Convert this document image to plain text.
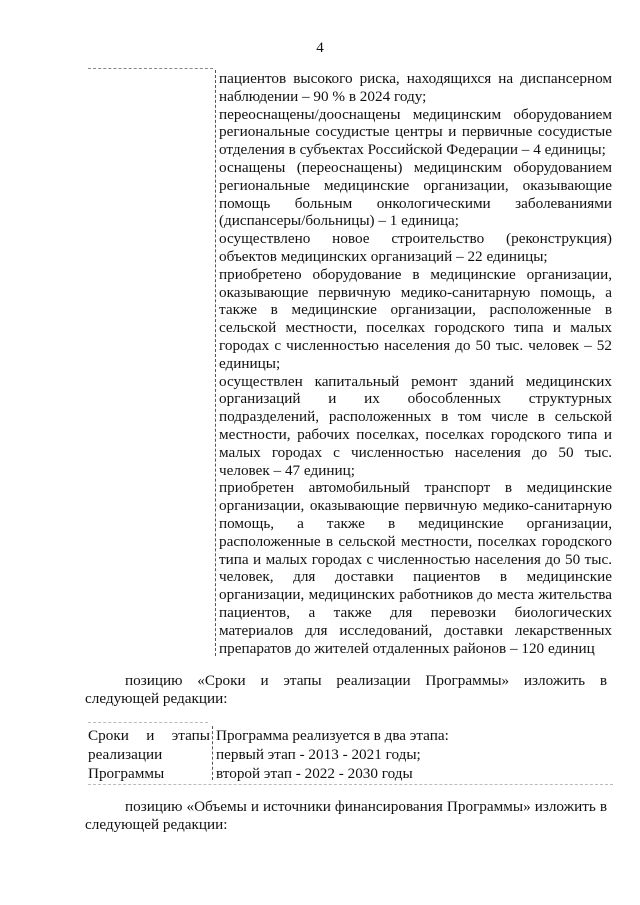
4

пациентов высокого риска, находящихся на диспансерном наблюдении – 90 % в 2024 году;

переоснащены/дооснащены медицинским оборудованием региональные сосудистые центры и первичные сосудистые отделения в субъектах Российской Федерации – 4 единицы;

оснащены (переоснащены) медицинским оборудованием региональные медицинские организации, оказывающие помощь больным онкологическими заболеваниями (диспансеры/больницы) – 1 единица;

осуществлено новое строительство (реконструкция) объектов медицинских организаций – 22 единицы;

приобретено оборудование в медицинские организации, оказывающие первичную медико-санитарную помощь, а также в медицинские организации, расположенные в сельской местности, поселках городского типа и малых городах с численностью населения до 50 тыс. человек – 52 единицы;

осуществлен капитальный ремонт зданий медицинских организаций и их обособленных структурных подразделений, расположенных в том числе в сельской местности, рабочих поселках, поселках городского типа и малых городах с численностью населения до 50 тыс. человек – 47 единиц;

приобретен автомобильный транспорт в медицинские организации, оказывающие первичную медико-санитарную помощь, а также в медицинские организации, расположенные в сельской местности, поселках городского типа и малых городах с численностью населения до 50 тыс. человек, для доставки пациентов в медицинские организации, медицинских работников до места жительства пациентов, а также для перевозки биологических материалов для исследований, доставки лекарственных препаратов до жителей отдаленных районов – 120 единиц

позицию «Сроки и этапы реализации Программы» изложить в следующей редакции:
Сроки и этапы
реализации
Программы
Программа реализуется в два этапа:
первый этап - 2013 - 2021 годы;
второй этап - 2022 - 2030 годы
позицию «Объемы и источники финансирования Программы» изложить в следующей редакции:
